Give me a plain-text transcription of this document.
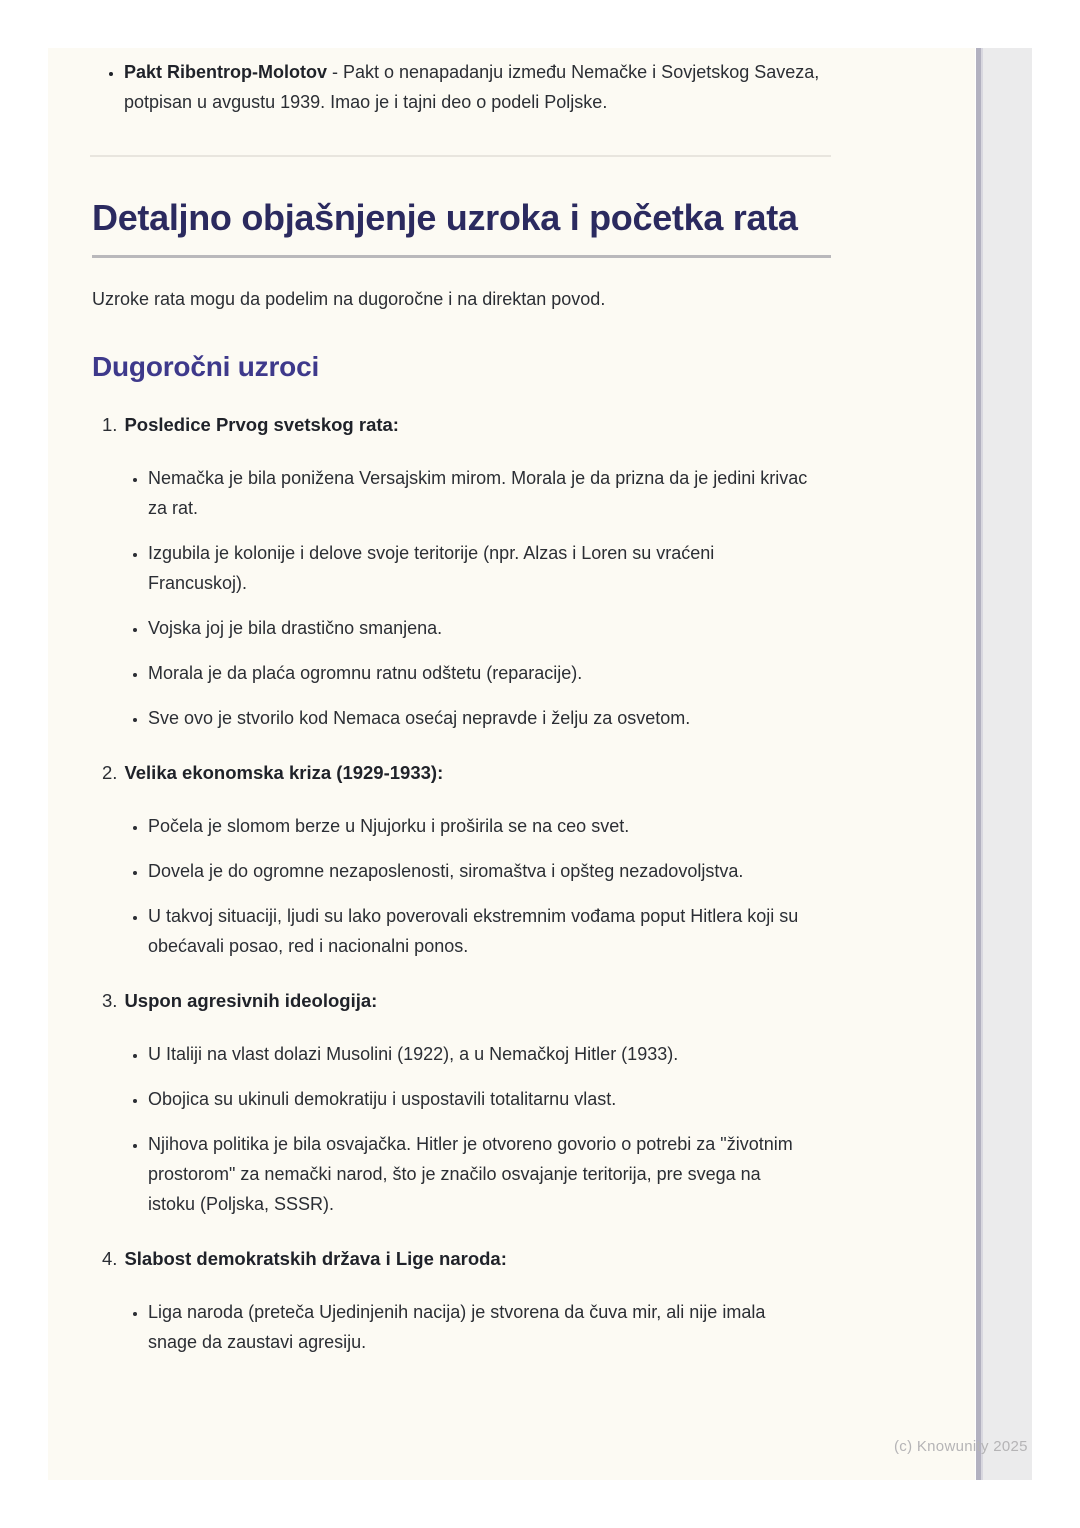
• Pakt Ribentrop-Molotov - Pakt o nenapadanju između Nemačke i Sovjetskog Saveza, potpisan u avgustu 1939. Imao je i tajni deo o podeli Poljske.
Detaljno objašnjenje uzroka i početka rata

Uzroke rata mogu da podelim na dugoročne i na direktan povod.

Dugoročni uzroci
1. Posledice Prvog svetskog rata:
• Nemačka je bila ponižena Versajskim mirom. Morala je da prizna da je jedini krivac za rat.
• Izgubila je kolonije i delove svoje teritorije (npr. Alzas i Loren su vraćeni Francuskoj).
• Vojska joj je bila drastično smanjena.
• Morala je da plaća ogromnu ratnu odštetu (reparacije).
• Sve ovo je stvorilo kod Nemaca osećaj nepravde i želju za osvetom.
2. Velika ekonomska kriza (1929-1933):
• Počela je slomom berze u Njujorku i proširila se na ceo svet.
• Dovela je do ogromne nezaposlenosti, siromaštva i opšteg nezadovoljstva.
• U takvoj situaciji, ljudi su lako poverovali ekstremnim vođama poput Hitlera koji su obećavali posao, red i nacionalni ponos.
3. Uspon agresivnih ideologija:
• U Italiji na vlast dolazi Musolini (1922), a u Nemačkoj Hitler (1933).
• Obojica su ukinuli demokratiju i uspostavili totalitarnu vlast.
• Njihova politika je bila osvajačka. Hitler je otvoreno govorio o potrebi za "životnim prostorom" za nemački narod, što je značilo osvajanje teritorija, pre svega na istoku (Poljska, SSSR).
4. Slabost demokratskih država i Lige naroda:
• Liga naroda (preteča Ujedinjenih nacija) je stvorena da čuva mir, ali nije imala snage da zaustavi agresiju.
(c) Knowunity 2025
